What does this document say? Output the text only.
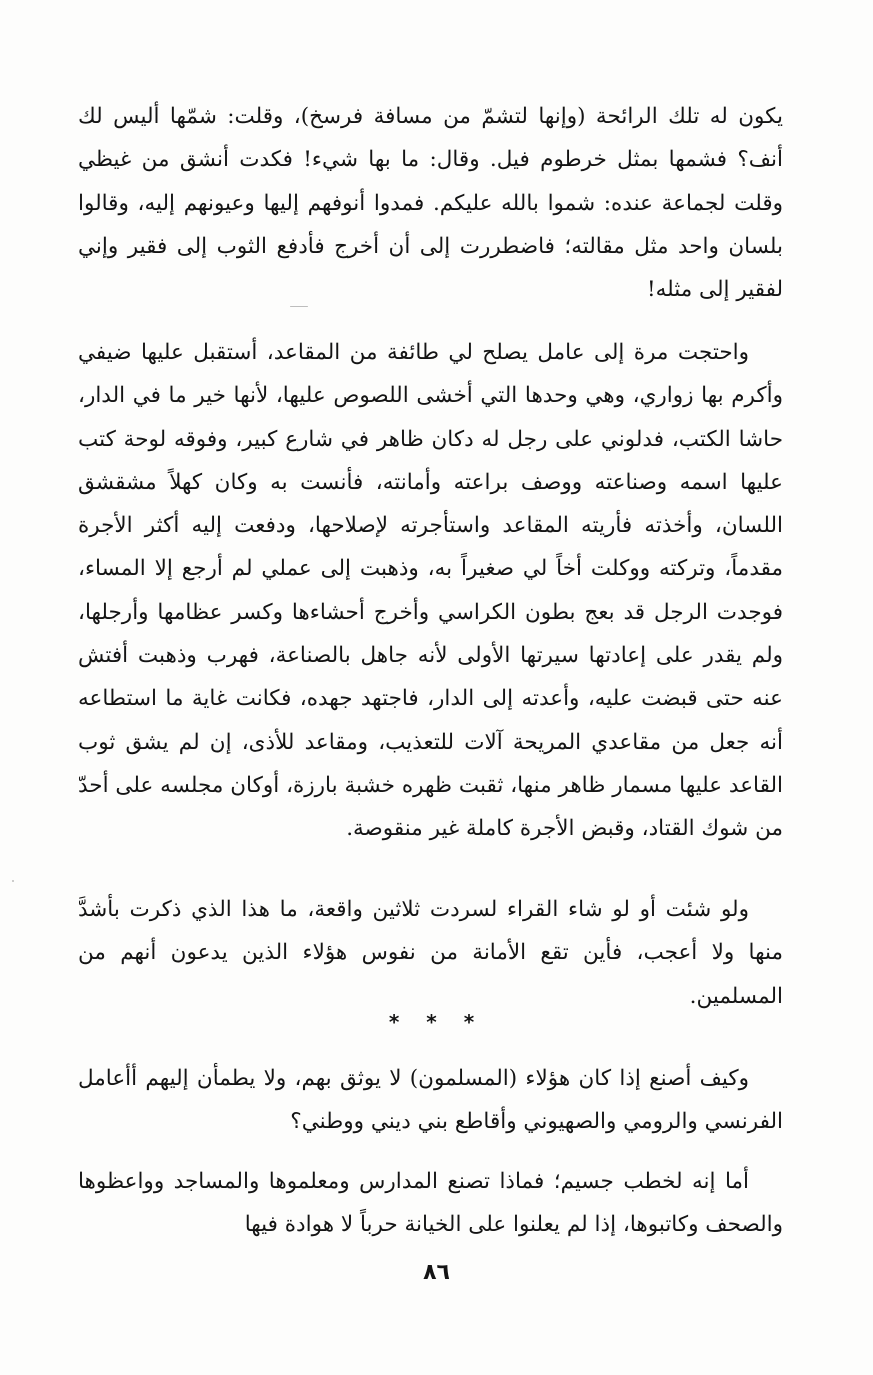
يكون له تلك الرائحة (وإنها لتشمّ من مسافة فرسخ)، وقلت: شمّها أليس لك أنف؟ فشمها بمثل خرطوم فيل. وقال: ما بها شيء! فكدت أنشق من غيظي وقلت لجماعة عنده: شموا بالله عليكم. فمدوا أنوفهم إليها وعيونهم إليه، وقالوا بلسان واحد مثل مقالته؛ فاضطررت إلى أن أخرج فأدفع الثوب إلى فقير وإني لفقير إلى مثله!

واحتجت مرة إلى عامل يصلح لي طائفة من المقاعد، أستقبل عليها ضيفي وأكرم بها زواري، وهي وحدها التي أخشى اللصوص عليها، لأنها خير ما في الدار، حاشا الكتب، فدلوني على رجل له دكان ظاهر في شارع كبير، وفوقه لوحة كتب عليها اسمه وصناعته ووصف براعته وأمانته، فأنست به وكان كهلاً مشقشق اللسان، وأخذته فأريته المقاعد واستأجرته لإصلاحها، ودفعت إليه أكثر الأجرة مقدماً، وتركته ووكلت أخاً لي صغيراً به، وذهبت إلى عملي لم أرجع إلا المساء، فوجدت الرجل قد بعج بطون الكراسي وأخرج أحشاءها وكسر عظامها وأرجلها، ولم يقدر على إعادتها سيرتها الأولى لأنه جاهل بالصناعة، فهرب وذهبت أفتش عنه حتى قبضت عليه، وأعدته إلى الدار، فاجتهد جهده، فكانت غاية ما استطاعه أنه جعل من مقاعدي المريحة آلات للتعذيب، ومقاعد للأذى، إن لم يشق ثوب القاعد عليها مسمار ظاهر منها، ثقبت ظهره خشبة بارزة، أوكان مجلسه على أحدّ من شوك القتاد، وقبض الأجرة كاملة غير منقوصة.

ولو شئت أو لو شاء القراء لسردت ثلاثين واقعة، ما هذا الذي ذكرت بأشدَّ منها ولا أعجب، فأين تقع الأمانة من نفوس هؤلاء الذين يدعون أنهم من المسلمين.

* * *

وكيف أصنع إذا كان هؤلاء (المسلمون) لا يوثق بهم، ولا يطمأن إليهم أأعامل الفرنسي والرومي والصهيوني وأقاطع بني ديني ووطني؟

أما إنه لخطب جسيم؛ فماذا تصنع المدارس ومعلموها والمساجد وواعظوها والصحف وكاتبوها، إذا لم يعلنوا على الخيانة حرباً لا هوادة فيها

٨٦
